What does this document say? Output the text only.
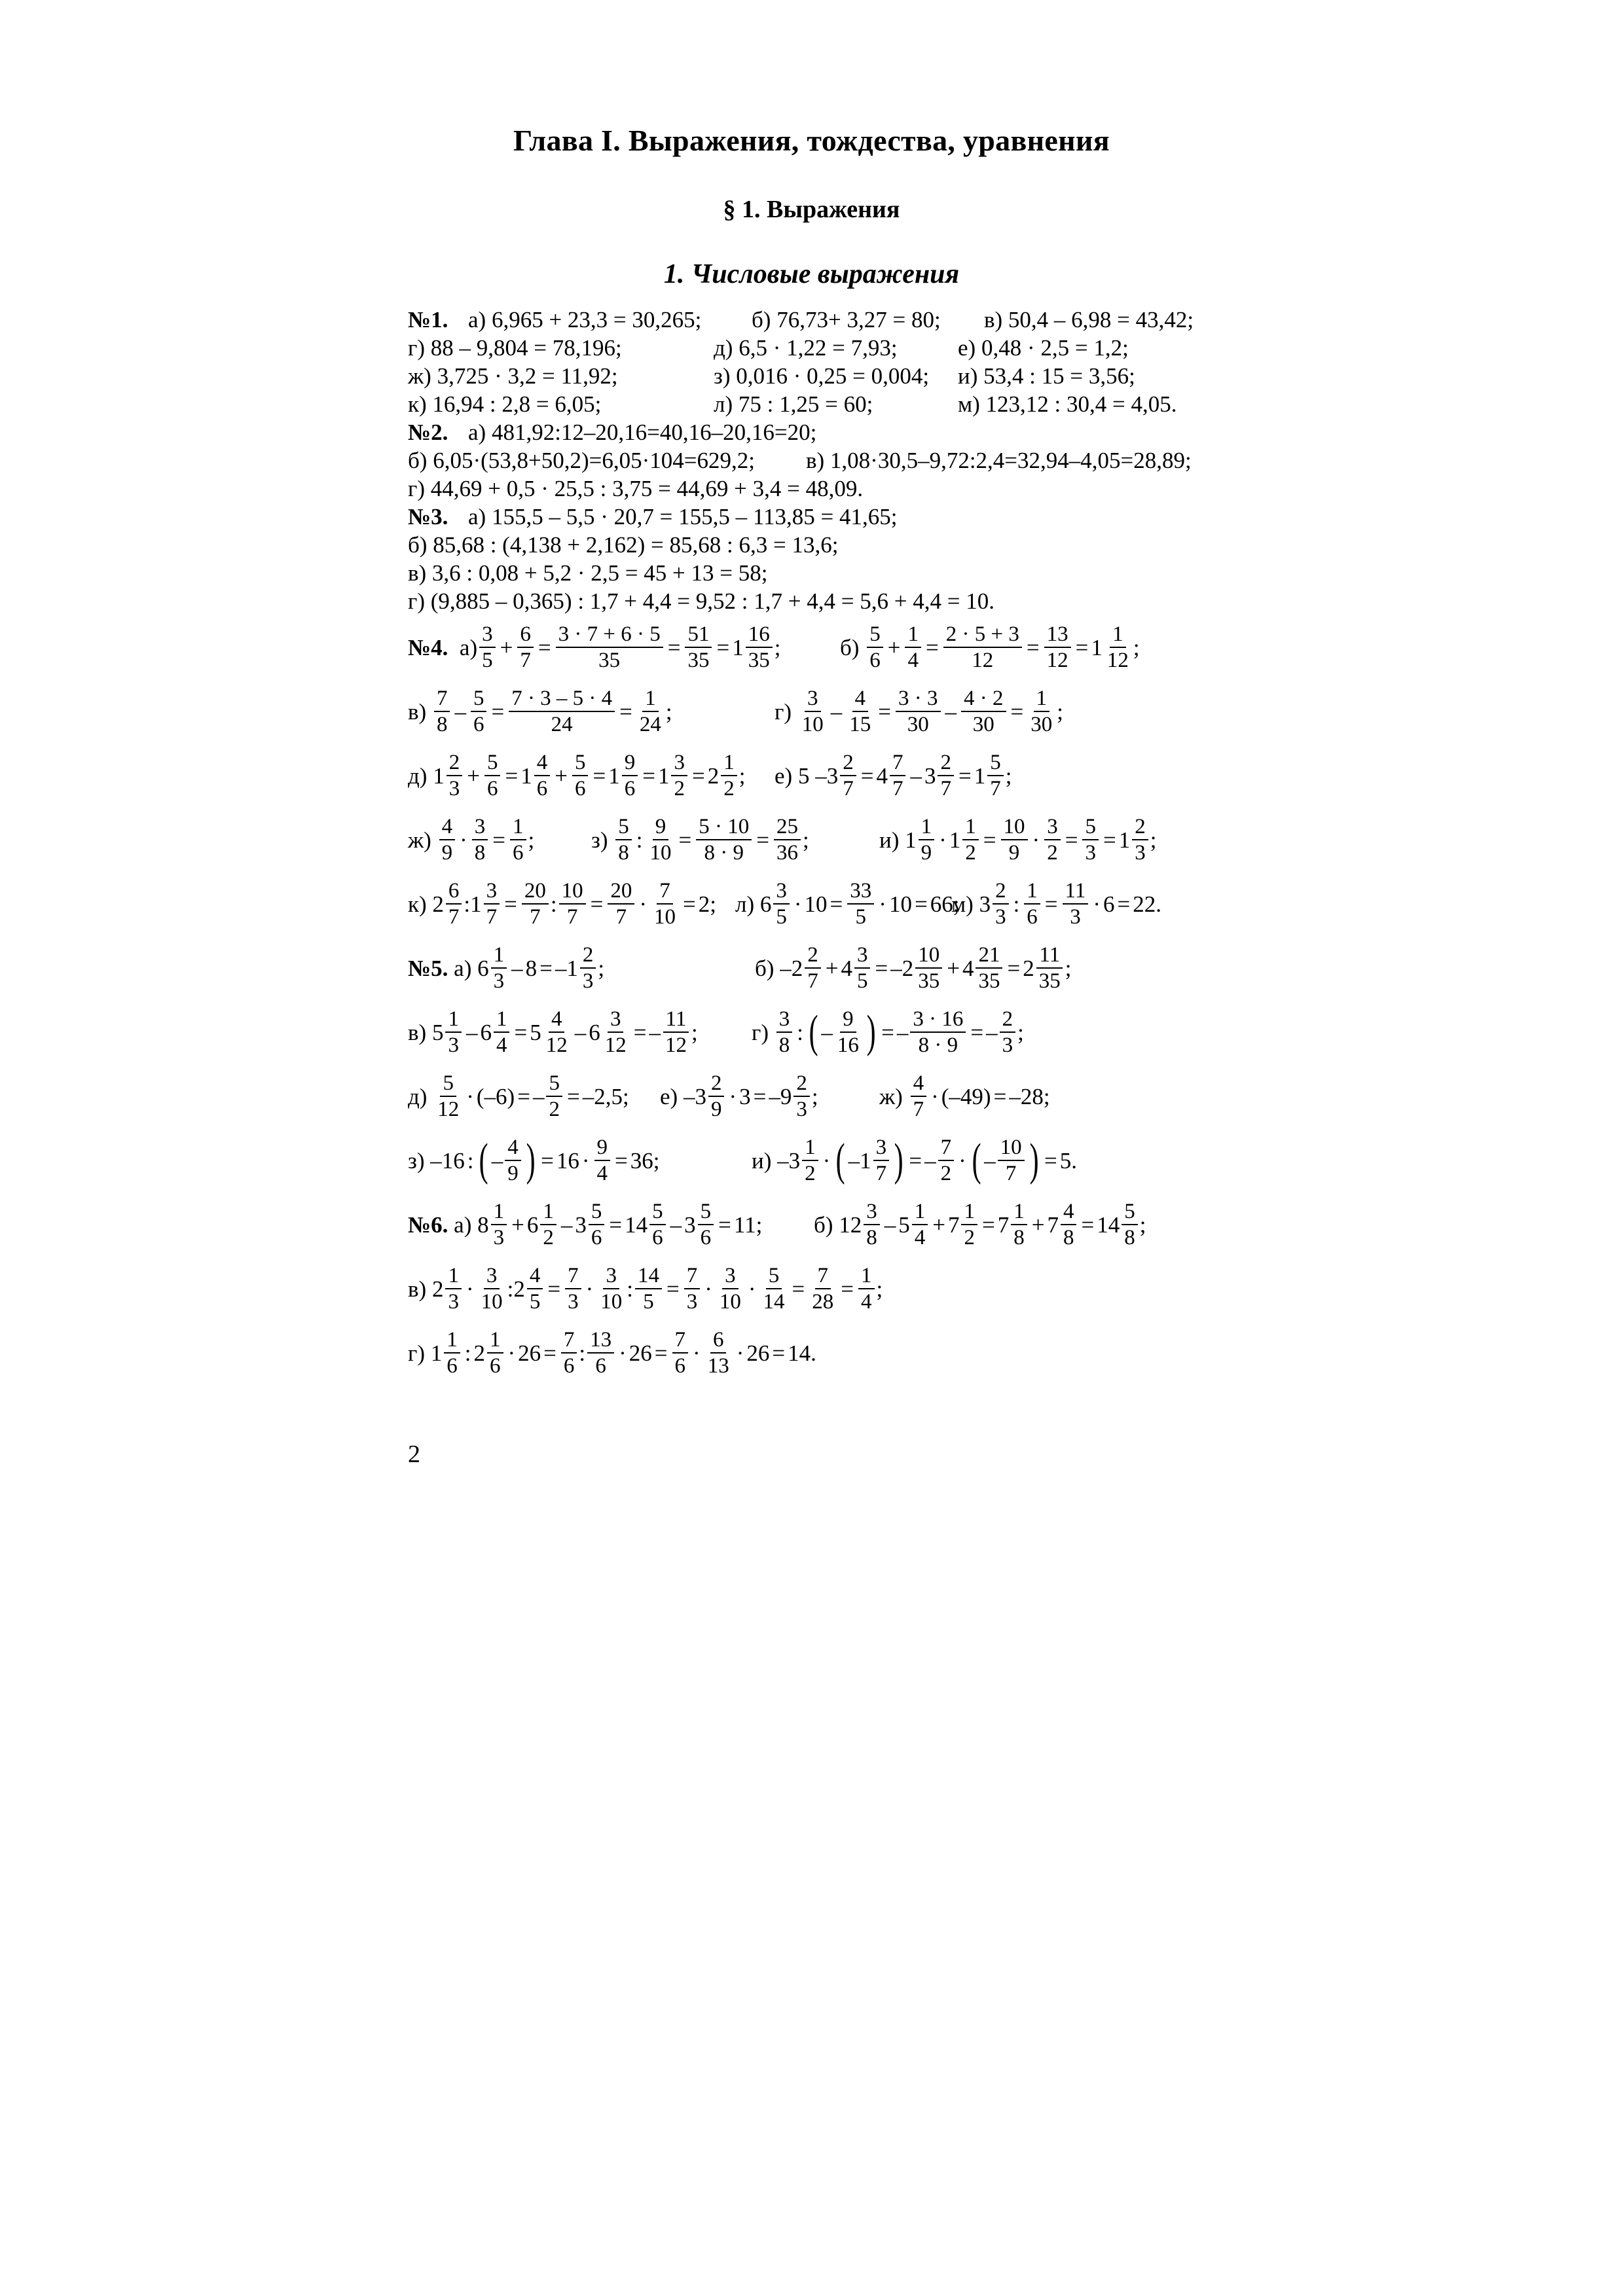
Глава I. Выражения, тождества, уравнения
§ 1. Выражения
1. Числовые выражения
№1. а) 6,965 + 23,3 = 30,265; б) 76,73+ 3,27 = 80; в) 50,4 – 6,98 = 43,42;
г) 88 – 9,804 = 78,196;	д) 6,5 · 1,22 = 7,93;	е) 0,48 · 2,5 = 1,2;
ж) 3,725 · 3,2 = 11,92;	з) 0,016 · 0,25 = 0,004; и) 53,4 : 15 = 3,56;
к) 16,94 : 2,8 = 6,05;	л) 75 : 1,25 = 60;	м) 123,12 : 30,4 = 4,05.
№2. а) 481,92:12–20,16=40,16–20,16=20;
б) 6,05·(53,8+50,2)=6,05·104=629,2; в) 1,08·30,5–9,72:2,4=32,94–4,05=28,89;
г) 44,69 + 0,5 · 25,5 : 3,75 = 44,69 + 3,4 = 48,09.
№3. а) 155,5 – 5,5 · 20,7 = 155,5 – 113,85 = 41,65;
б) 85,68 : (4,138 + 2,162) = 85,68 : 6,3 = 13,6;
в) 3,6 : 0,08 + 5,2 · 2,5 = 45 + 13 = 58;
г) (9,885 – 0,365) : 1,7 + 4,4 = 9,52 : 1,7 + 4,4 = 5,6 + 4,4 = 10.
№4. $а) \frac{3}{5} + \frac{6}{7} = \frac{3 \cdot 7 + 6 \cdot 5}{35} = \frac{51}{35} = 1 \frac{16}{35}$ ;	$б) \frac{5}{6} + \frac{1}{4} = \frac{2 \cdot 5 + 3}{12} = \frac{13}{12} = 1 \frac{1}{12}$ ;
$в) \frac{7}{8} - \frac{5}{6} = \frac{7 \cdot 3 - 5 \cdot 4}{24} = \frac{1}{24}$ ;	$г) \frac{3}{10} - \frac{4}{15} = \frac{3 \cdot 3}{30} - \frac{4 \cdot 2}{30} = \frac{1}{30}$ ;
д) $1 \frac{2}{3} + \frac{5}{6} = 1 \frac{4}{6} + \frac{5}{6} = 1 \frac{9}{6} = 1 \frac{3}{2} = 2 \frac{1}{2}$ ; е) $5 - 3 \frac{2}{7} = 4 \frac{7}{7} - 3 \frac{2}{7} = 1 \frac{5}{7}$ ;
$ж) \frac{4}{9} \cdot \frac{3}{8} = \frac{1}{6}$ ; $з) \frac{5}{8}$ : $\frac{9}{10} = \frac{5 \cdot 10}{8 \cdot 9} = \frac{25}{36}$ ;	и) $1 \frac{1}{9} \cdot 1 \frac{1}{2} = \frac{10}{9} \cdot \frac{3}{2} = \frac{5}{3} = 1 \frac{2}{3}$ ;
к) $2 \frac{6}{7}$ : $1 \frac{3}{7} = \frac{20}{7}$ : $\frac{10}{7} = \frac{20}{7} \cdot \frac{7}{10} = 2$; л) $6 \frac{3}{5} \cdot 10 = \frac{33}{5} \cdot 10 = 66$;
м) $3 \frac{2}{3}$ : $\frac{1}{6} = \frac{11}{3} \cdot 6 = 22$.
№5. а) $6 \frac{1}{3} - 8$ = – $1 \frac{2}{3}$ ;	$б) - 2 \frac{2}{7} + 4 \frac{3}{5}$ = – $2 \frac{10}{35} + 4 \frac{21}{35} = 2 \frac{11}{35}$ ;
в) $5 \frac{1}{3} - 6 \frac{1}{4} = 5 \frac{4}{12} - 6 \frac{3}{12}$ = – $\frac{11}{12}$ ; $г) \frac{3}{8}$ : ( – $\frac{9}{16}$ ) = – $\frac{3 \cdot 16}{8 \cdot 9}$ = – $\frac{2}{3}$ ;
$д) \frac{5}{12} \cdot (-6)$ = – $\frac{5}{2} = -2,5$; $е) - 3 \frac{2}{9} \cdot 3$ = – $9 \frac{2}{3}$ ;	$ж) \frac{4}{7} \cdot (-49) = -28$;
з) –16 : ( – $\frac{4}{9}$ ) = $16 \cdot \frac{9}{4} = 36$;	$и) - 3 \frac{1}{2}$ · ( – $1 \frac{3}{7}$ ) = – $\frac{7}{2}$ · ( – $\frac{10}{7}$ ) = 5.
№6. а) $8 \frac{1}{3} + 6 \frac{1}{2} - 3 \frac{5}{6} = 14 \frac{5}{6} - 3 \frac{5}{6} = 11$; б) $12 \frac{3}{8} - 5 \frac{1}{4} + 7 \frac{1}{2} = 7 \frac{1}{8} + 7 \frac{4}{8} = 14 \frac{5}{8}$ ;
в) $2 \frac{1}{3} \cdot \frac{3}{10}$ : $2 \frac{4}{5} = \frac{7}{3} \cdot \frac{3}{10}$ : $\frac{14}{5} = \frac{7}{3} \cdot \frac{3}{10} \cdot \frac{5}{14} = \frac{7}{28} = \frac{1}{4}$ ;
г) $1 \frac{1}{6}$ : $2 \frac{1}{6} \cdot 26 = \frac{7}{6}$ : $\frac{13}{6} \cdot 26 = \frac{7}{6} \cdot \frac{6}{13} \cdot 26 = 14$.
2
